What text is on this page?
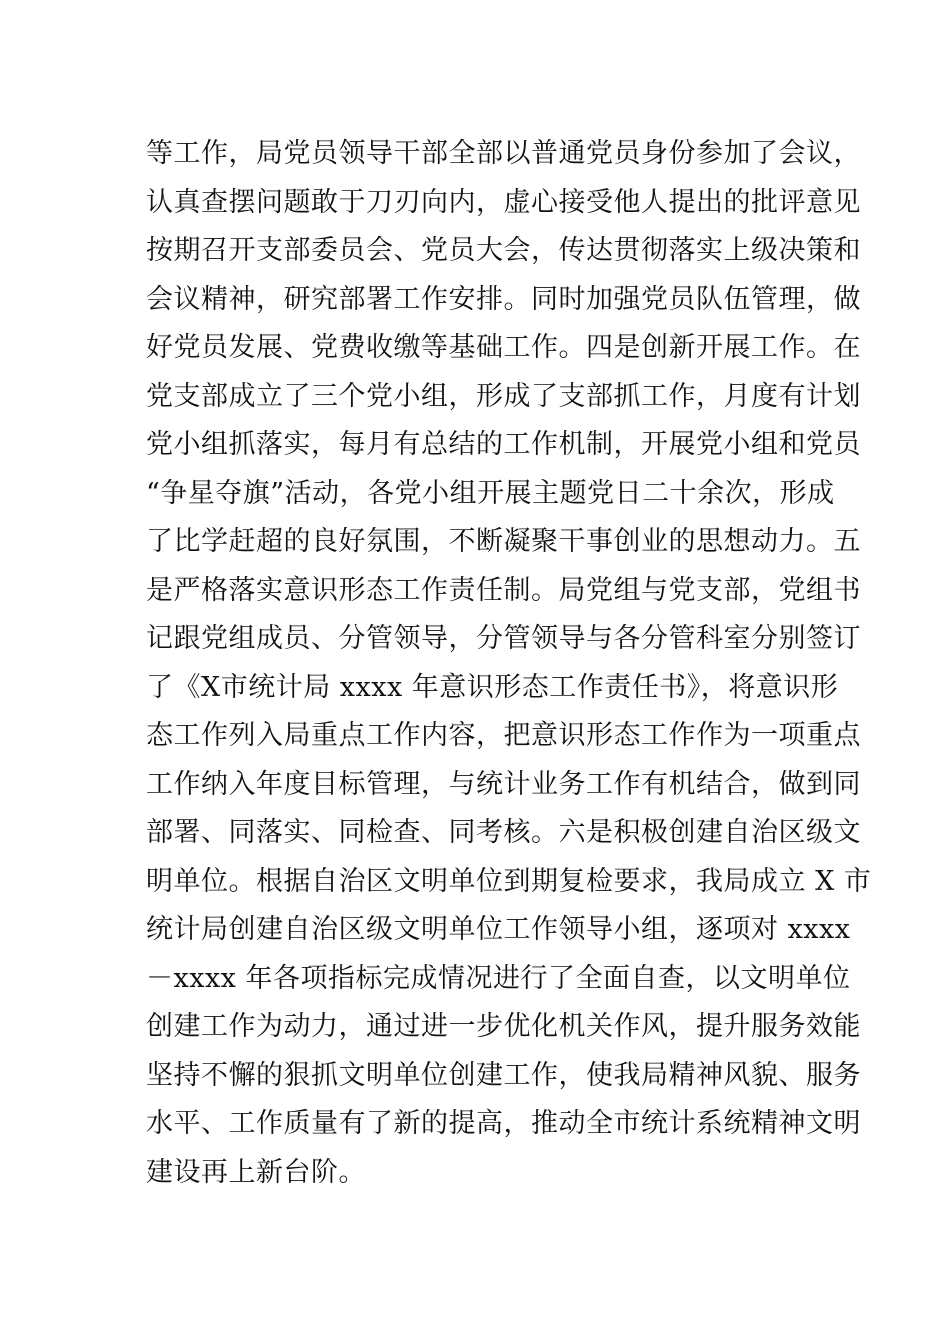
等工作，局党员领导干部全部以普通党员身份参加了会议，
认真查摆问题敢于刀刃向内，虚心接受他人提出的批评意见
按期召开支部委员会、党员大会，传达贯彻落实上级决策和
会议精神，研究部署工作安排。同时加强党员队伍管理，做
好党员发展、党费收缴等基础工作。四是创新开展工作。在
党支部成立了三个党小组，形成了支部抓工作，月度有计划
党小组抓落实，每月有总结的工作机制，开展党小组和党员
“争星夺旗”活动，各党小组开展主题党日二十余次，形成
了比学赶超的良好氛围，不断凝聚干事创业的思想动力。五
是严格落实意识形态工作责任制。局党组与党支部，党组书
记跟党组成员、分管领导，分管领导与各分管科室分别签订
了《X市统计局 xxxx 年意识形态工作责任书》，将意识形
态工作列入局重点工作内容，把意识形态工作作为一项重点
工作纳入年度目标管理，与统计业务工作有机结合，做到同
部署、同落实、同检查、同考核。六是积极创建自治区级文
明单位。根据自治区文明单位到期复检要求，我局成立 X 市
统计局创建自治区级文明单位工作领导小组，逐项对 xxxx
－xxxx 年各项指标完成情况进行了全面自查，以文明单位
创建工作为动力，通过进一步优化机关作风，提升服务效能
坚持不懈的狠抓文明单位创建工作，使我局精神风貌、服务
水平、工作质量有了新的提高，推动全市统计系统精神文明
建设再上新台阶。
